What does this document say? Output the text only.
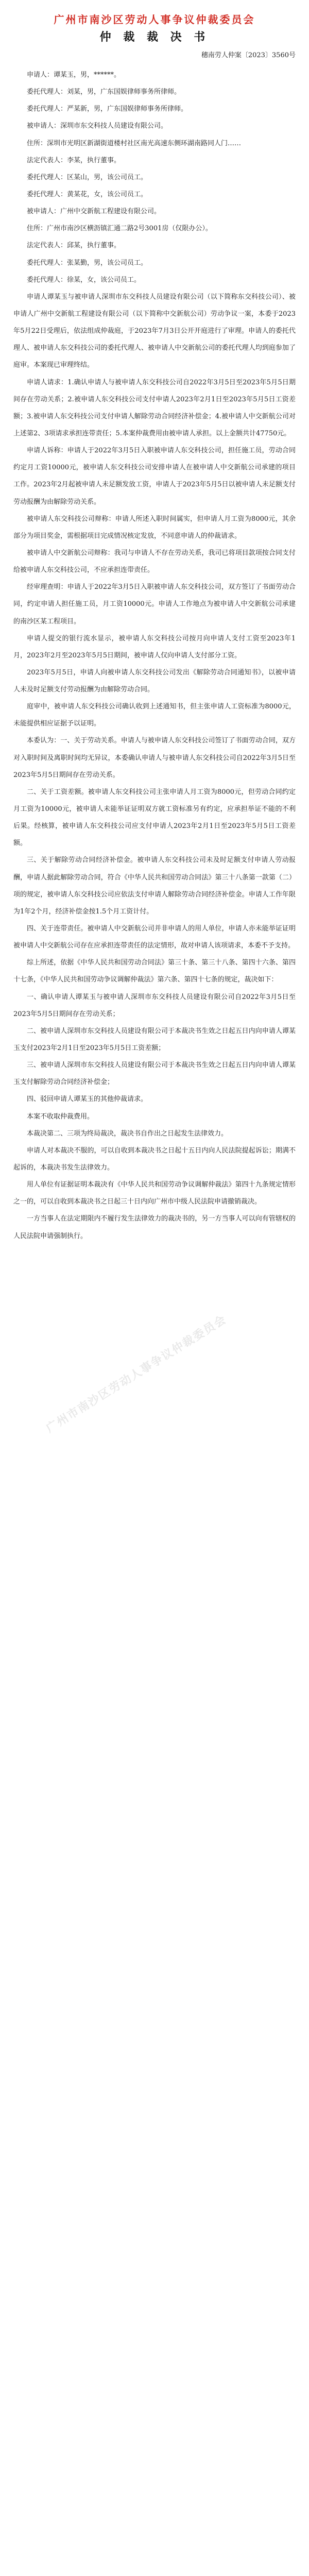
广州市南沙区劳动人事争议仲裁委员会
仲 裁 裁 决 书
穗南劳人仲案〔2023〕3560号

申请人：谭某玉，男，******。

委托代理人：刘某，男，广东国娱律师事务所律师。

委托代理人：严某新，男，广东国娱律师事务所律师。

被申请人：深圳市东交科技人员建设有限公司。

住所：深圳市光明区新湖街道楼村社区南光高速东侧环湖南路同人门……

法定代表人：李某，执行董事。

委托代理人：区某山，男，该公司员工。

委托代理人：黄某花，女，该公司员工。

被申请人：广州中交新航工程建设有限公司。

住所：广州市南沙区横沥镇汇通二路2号3001房（仅限办公）。

法定代表人：邱某，执行董事。

委托代理人：张某勤，男，该公司员工。

委托代理人：徐某，女，该公司员工。

申请人谭某玉与被申请人深圳市东交科技人员建设有限公司（以下简称东交科技公司）、被申请人广州中交新航工程建设有限公司（以下简称中交新航公司）劳动争议一案，本委于2023年5月22日受理后，依法组成仲裁庭，于2023年7月3日公开开庭进行了审理。申请人的委托代理人、被申请人东交科技公司的委托代理人、被申请人中交新航公司的委托代理人均到庭参加了庭审。本案现已审理终结。

申请人请求：1.确认申请人与被申请人东交科技公司自2022年3月5日至2023年5月5日期间存在劳动关系；2.被申请人东交科技公司支付申请人2023年2月1日至2023年5月5日工资差额；3.被申请人东交科技公司支付申请人解除劳动合同经济补偿金；4.被申请人中交新航公司对上述第2、3项请求承担连带责任；5.本案仲裁费用由被申请人承担。以上金额共计47750元。

申请人诉称：申请人于2022年3月5日入职被申请人东交科技公司，担任施工员，劳动合同约定月工资10000元，被申请人东交科技公司安排申请人在被申请人中交新航公司承建的项目工作。2023年2月起被申请人未足额发放工资，申请人于2023年5月5日以被申请人未足额支付劳动报酬为由解除劳动关系。

被申请人东交科技公司辩称：申请人所述入职时间属实，但申请人月工资为8000元，其余部分为项目奖金，需根据项目完成情况核定发放，不同意申请人的仲裁请求。

被申请人中交新航公司辩称：我司与申请人不存在劳动关系，我司已将项目款项按合同支付给被申请人东交科技公司，不应承担连带责任。

经审理查明：申请人于2022年3月5日入职被申请人东交科技公司，双方签订了书面劳动合同，约定申请人担任施工员，月工资10000元。申请人工作地点为被申请人中交新航公司承建的南沙区某工程项目。

申请人提交的银行流水显示，被申请人东交科技公司按月向申请人支付工资至2023年1月，2023年2月至2023年5月5日期间，被申请人仅向申请人支付部分工资。

2023年5月5日，申请人向被申请人东交科技公司发出《解除劳动合同通知书》，以被申请人未及时足额支付劳动报酬为由解除劳动合同。

庭审中，被申请人东交科技公司确认收到上述通知书，但主张申请人工资标准为8000元，未能提供相应证据予以证明。

本委认为：一、关于劳动关系。申请人与被申请人东交科技公司签订了书面劳动合同，双方对入职时间及离职时间均无异议，本委确认申请人与被申请人东交科技公司自2022年3月5日至2023年5月5日期间存在劳动关系。

二、关于工资差额。被申请人东交科技公司主张申请人月工资为8000元，但劳动合同约定月工资为10000元，被申请人未能举证证明双方就工资标准另有约定，应承担举证不能的不利后果。经核算，被申请人东交科技公司应支付申请人2023年2月1日至2023年5月5日工资差额。

三、关于解除劳动合同经济补偿金。被申请人东交科技公司未及时足额支付申请人劳动报酬，申请人据此解除劳动合同，符合《中华人民共和国劳动合同法》第三十八条第一款第（二）项的规定，被申请人东交科技公司应依法支付申请人解除劳动合同经济补偿金。申请人工作年限为1年2个月，经济补偿金按1.5个月工资计付。

四、关于连带责任。被申请人中交新航公司并非申请人的用人单位，申请人亦未能举证证明被申请人中交新航公司存在应承担连带责任的法定情形，故对申请人该项请求，本委不予支持。

综上所述，依据《中华人民共和国劳动合同法》第三十条、第三十八条、第四十六条、第四十七条，《中华人民共和国劳动争议调解仲裁法》第六条、第四十七条的规定，裁决如下：

一、确认申请人谭某玉与被申请人深圳市东交科技人员建设有限公司自2022年3月5日至2023年5月5日期间存在劳动关系；

二、被申请人深圳市东交科技人员建设有限公司于本裁决书生效之日起五日内向申请人谭某玉支付2023年2月1日至2023年5月5日工资差额；

三、被申请人深圳市东交科技人员建设有限公司于本裁决书生效之日起五日内向申请人谭某玉支付解除劳动合同经济补偿金；

四、驳回申请人谭某玉的其他仲裁请求。

本案不收取仲裁费用。

本裁决第二、三项为终局裁决，裁决书自作出之日起发生法律效力。

申请人对本裁决不服的，可以自收到本裁决书之日起十五日内向人民法院提起诉讼；期满不起诉的，本裁决书发生法律效力。

用人单位有证据证明本裁决有《中华人民共和国劳动争议调解仲裁法》第四十九条规定情形之一的，可以自收到本裁决书之日起三十日内向广州市中级人民法院申请撤销裁决。

一方当事人在法定期限内不履行发生法律效力的裁决书的，另一方当事人可以向有管辖权的人民法院申请强制执行。

广州市南沙区劳动人事争议仲裁委员会
